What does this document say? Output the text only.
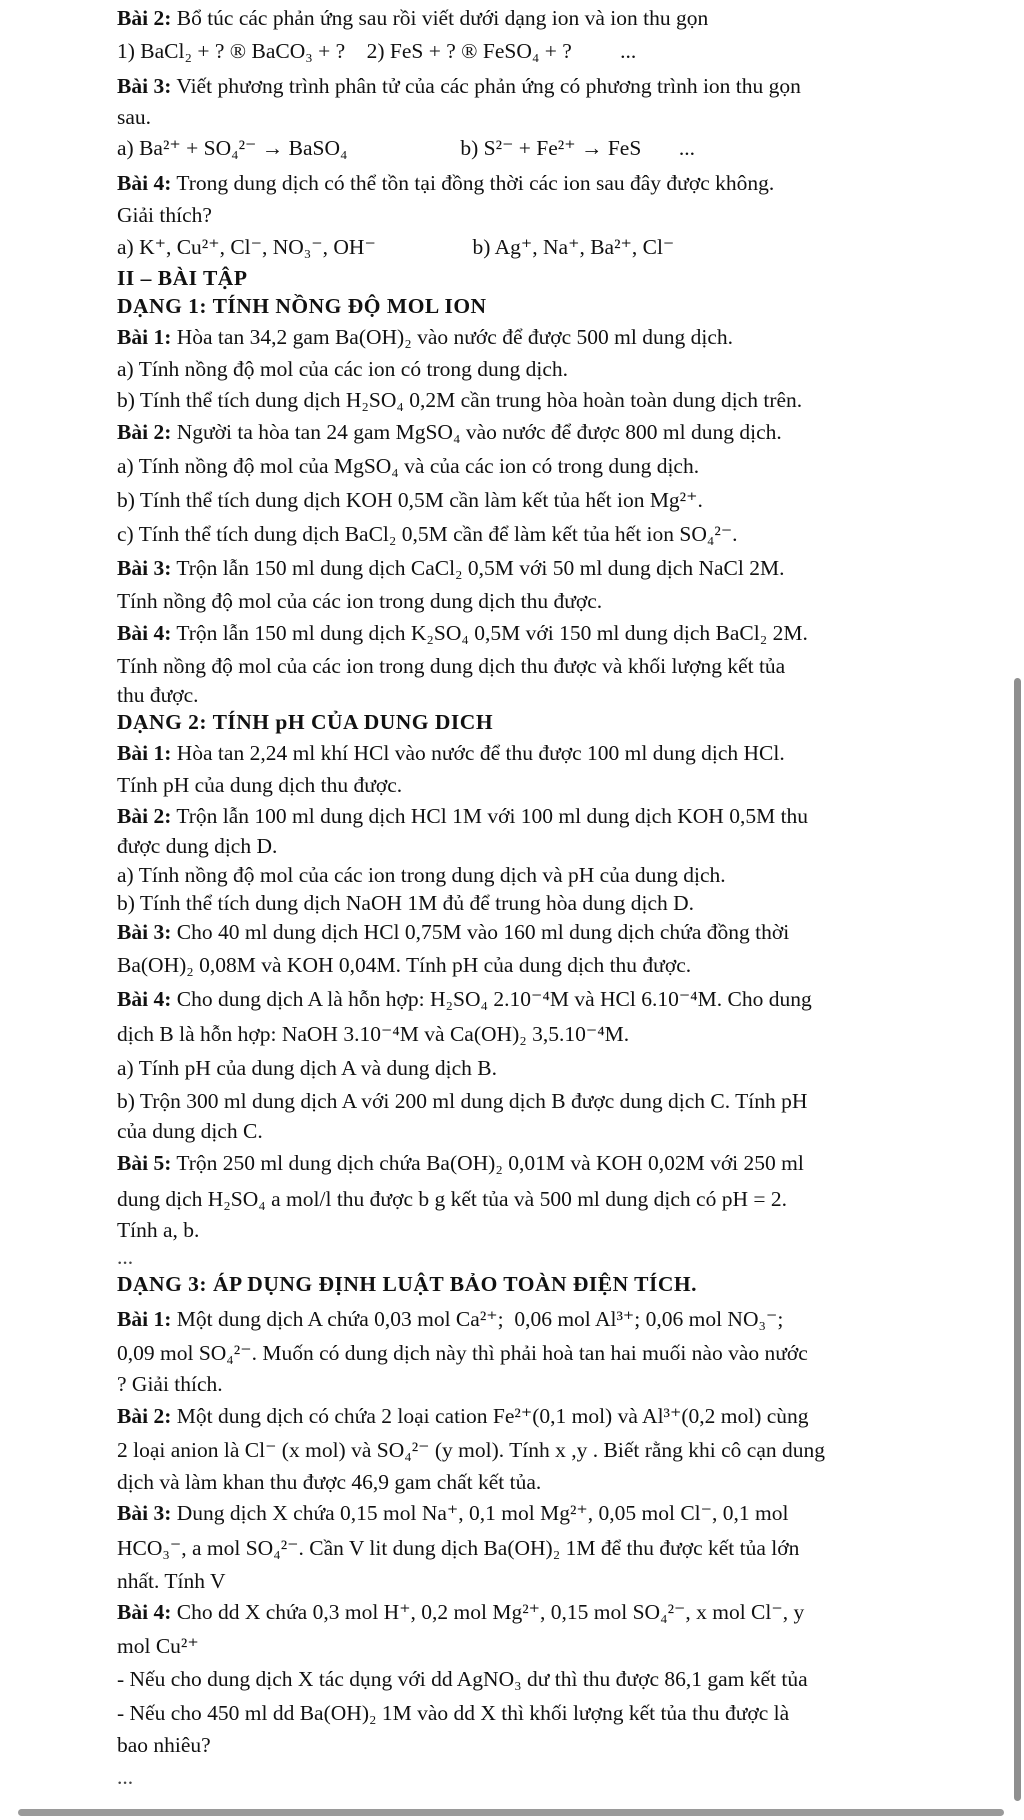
Bài 2: Bổ túc các phản ứng sau rồi viết dưới dạng ion và ion thu gọn
1) BaCl₂ + ? ® BaCO₃ + ?    2) FeS + ? ® FeSO₄ + ?         ...
Bài 3: Viết phương trình phân tử của các phản ứng có phương trình ion thu gọn
sau.
a) Ba²⁺ + SO₄²⁻ → BaSO₄                     b) S²⁻ + Fe²⁺ → FeS       ...
Bài 4: Trong dung dịch có thể tồn tại đồng thời các ion sau đây được không.
Giải thích?
a) K⁺, Cu²⁺, Cl⁻, NO₃⁻, OH⁻                  b) Ag⁺, Na⁺, Ba²⁺, Cl⁻
II – BÀI TẬP
DẠNG 1: TÍNH NỒNG ĐỘ MOL ION
Bài 1: Hòa tan 34,2 gam Ba(OH)₂ vào nước để được 500 ml dung dịch.
a) Tính nồng độ mol của các ion có trong dung dịch.
b) Tính thể tích dung dịch H₂SO₄ 0,2M cần trung hòa hoàn toàn dung dịch trên.
Bài 2: Người ta hòa tan 24 gam MgSO₄ vào nước để được 800 ml dung dịch.
a) Tính nồng độ mol của MgSO₄ và của các ion có trong dung dịch.
b) Tính thể tích dung dịch KOH 0,5M cần làm kết tủa hết ion Mg²⁺.
c) Tính thể tích dung dịch BaCl₂ 0,5M cần để làm kết tủa hết ion SO₄²⁻.
Bài 3: Trộn lẫn 150 ml dung dịch CaCl₂ 0,5M với 50 ml dung dịch NaCl 2M.
Tính nồng độ mol của các ion trong dung dịch thu được.
Bài 4: Trộn lẫn 150 ml dung dịch K₂SO₄ 0,5M với 150 ml dung dịch BaCl₂ 2M.
Tính nồng độ mol của các ion trong dung dịch thu được và khối lượng kết tủa
thu được.
DẠNG 2: TÍNH pH CỦA DUNG DICH
Bài 1: Hòa tan 2,24 ml khí HCl vào nước để thu được 100 ml dung dịch HCl.
Tính pH của dung dịch thu được.
Bài 2: Trộn lẫn 100 ml dung dịch HCl 1M với 100 ml dung dịch KOH 0,5M thu
được dung dịch D.
a) Tính nồng độ mol của các ion trong dung dịch và pH của dung dịch.
b) Tính thể tích dung dịch NaOH 1M đủ để trung hòa dung dịch D.
Bài 3: Cho 40 ml dung dịch HCl 0,75M vào 160 ml dung dịch chứa đồng thời
Ba(OH)₂ 0,08M và KOH 0,04M. Tính pH của dung dịch thu được.
Bài 4: Cho dung dịch A là hỗn hợp: H₂SO₄ 2.10⁻⁴M và HCl 6.10⁻⁴M. Cho dung
dịch B là hỗn hợp: NaOH 3.10⁻⁴M và Ca(OH)₂ 3,5.10⁻⁴M.
a) Tính pH của dung dịch A và dung dịch B.
b) Trộn 300 ml dung dịch A với 200 ml dung dịch B được dung dịch C. Tính pH
của dung dịch C.
Bài 5: Trộn 250 ml dung dịch chứa Ba(OH)₂ 0,01M và KOH 0,02M với 250 ml
dung dịch H₂SO₄ a mol/l thu được b g kết tủa và 500 ml dung dịch có pH = 2.
Tính a, b.
...
DẠNG 3: ÁP DỤNG ĐỊNH LUẬT BẢO TOÀN ĐIỆN TÍCH.
Bài 1: Một dung dịch A chứa 0,03 mol Ca²⁺;  0,06 mol Al³⁺; 0,06 mol NO₃⁻;
0,09 mol SO₄²⁻. Muốn có dung dịch này thì phải hoà tan hai muối nào vào nước
? Giải thích.
Bài 2: Một dung dịch có chứa 2 loại cation Fe²⁺(0,1 mol) và Al³⁺(0,2 mol) cùng
2 loại anion là Cl⁻ (x mol) và SO₄²⁻ (y mol). Tính x ,y . Biết rằng khi cô cạn dung
dịch và làm khan thu được 46,9 gam chất kết tủa.
Bài 3: Dung dịch X chứa 0,15 mol Na⁺, 0,1 mol Mg²⁺, 0,05 mol Cl⁻, 0,1 mol
HCO₃⁻, a mol SO₄²⁻. Cần V lit dung dịch Ba(OH)₂ 1M để thu được kết tủa lớn
nhất. Tính V
Bài 4: Cho dd X chứa 0,3 mol H⁺, 0,2 mol Mg²⁺, 0,15 mol SO₄²⁻, x mol Cl⁻, y
mol Cu²⁺
- Nếu cho dung dịch X tác dụng với dd AgNO₃ dư thì thu được 86,1 gam kết tủa
- Nếu cho 450 ml dd Ba(OH)₂ 1M vào dd X thì khối lượng kết tủa thu được là
bao nhiêu?
...
